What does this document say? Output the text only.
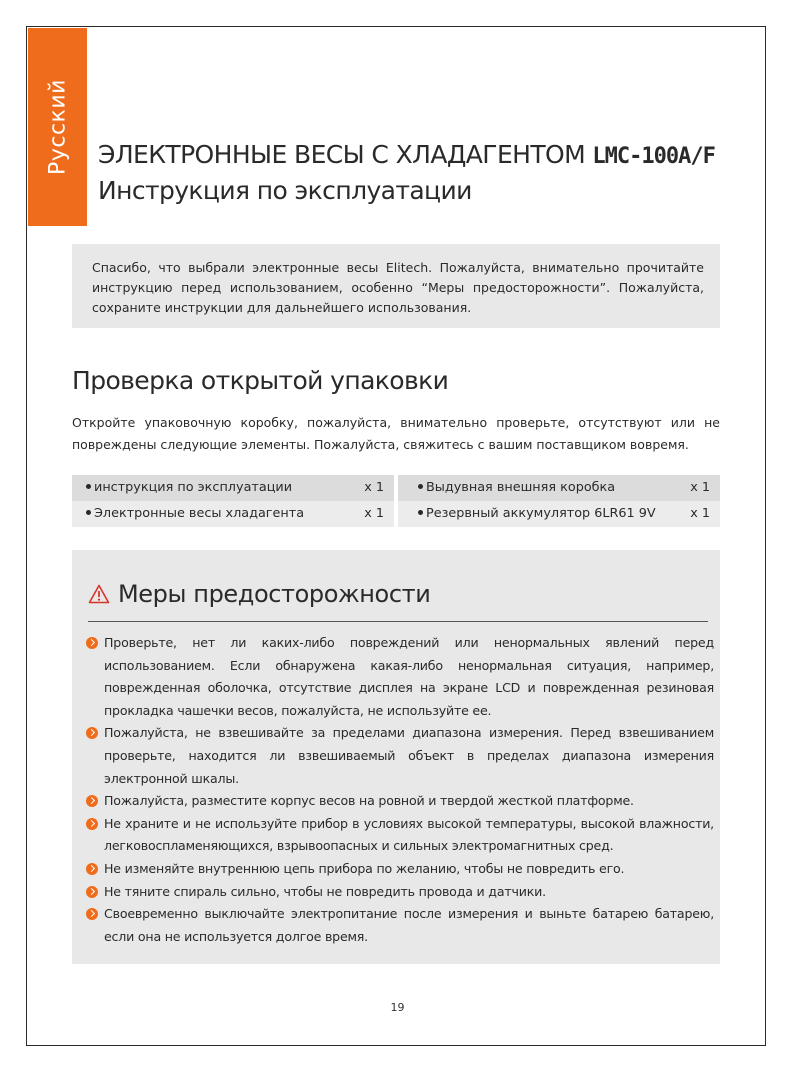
Русский ЭЛЕКТРОННЫЕ ВЕСЫ С ХЛАДАГЕНТОМ LMC-100A/F
Инструкция по эксплуатации

Спасибо, что выбрали электронные весы Elitech. Пожалуйста, внимательно прочитайте инструкцию перед использованием, особенно “Меры предосторожности”. Пожалуйста, сохраните инструкции для дальнейшего использования.

Проверка открытой упаковки

Откройте упаковочную коробку, пожалуйста, внимательно проверьте, отсутствуют или не повреждены следующие элементы. Пожалуйста, свяжитесь с вашим поставщиком вовремя.

инструкция по эксплуатации	x 1	Выдувная внешняя коробка	x 1
Электронные весы хладагента	x 1	Резервный аккумулятор 6LR61 9V	x 1
Меры предосторожности
Проверьте, нет ли каких-либо повреждений или ненормальных явлений перед использованием. Если обнаружена какая-либо ненормальная ситуация, например, поврежденная оболочка, отсутствие дисплея на экране LCD и поврежденная резиновая прокладка чашечки весов, пожалуйста, не используйте ее.
Пожалуйста, не взвешивайте за пределами диапазона измерения. Перед взвешиванием проверьте, находится ли взвешиваемый объект в пределах диапазона измерения электронной шкалы.
Пожалуйста, разместите корпус весов на ровной и твердой жесткой платформе.
Не храните и не используйте прибор в условиях высокой температуры, высокой влажности, легковоспламеняющихся, взрывоопасных и сильных электромагнитных сред.
Не изменяйте внутреннюю цепь прибора по желанию, чтобы не повредить его.
Не тяните спираль сильно, чтобы не повредить провода и датчики.
Своевременно выключайте электропитание после измерения и выньте батарею батарею, если она не используется долгое время.
19
